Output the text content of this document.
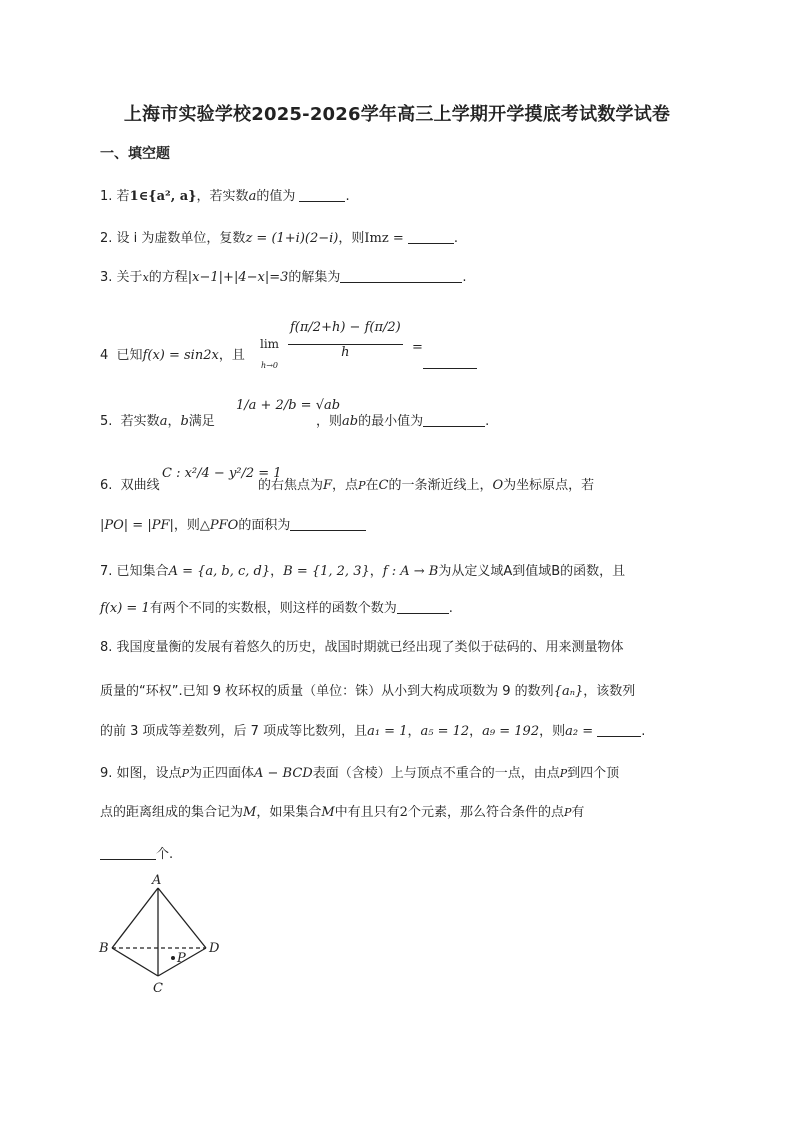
上海市实验学校2025-2026学年高三上学期开学摸底考试数学试卷
一、填空题
1. 若1∈{a², a}，若实数a的值为	.
2. 设 i 为虚数单位，复数z = (1+i)(2−i)，则Imz =	.
3. 关于x的方程|x−1|+|4−x|=3的解集为	.
4 已知f(x) = sin2x，且
lim
h→0
$\frac{f(\pi/2+h) - f(\pi/2)}{h}$ =
5. 若实数a，b满足
1/a + 2/b = √ab
，则ab的最小值为	.
6. 双曲线
C : x²/4 − y²/2 = 1
的右焦点为F，点P在C的一条渐近线上，O为坐标原点，若
|PO| = |PF|，则△PFO的面积为
7. 已知集合A = {a, b, c, d}，B = {1, 2, 3}，f : A → B为从定义域A到值域B的函数，且
f(x) = 1有两个不同的实数根，则这样的函数个数为	.
8. 我国度量衡的发展有着悠久的历史，战国时期就已经出现了类似于砝码的、用来测量物体
质量的“环权”.已知 9 枚环权的质量（单位：铢）从小到大构成项数为 9 的数列{aₙ}，该数列
的前 3 项成等差数列，后 7 项成等比数列，且a₁ = 1，a₅ = 12，a₉ = 192，则a₂ =	.
9. 如图，设点P为正四面体A − BCD表面（含棱）上与顶点不重合的一点，由点P到四个顶
点的距离组成的集合记为M，如果集合M中有且只有2个元素，那么符合条件的点P有
个.
A
B	D
C
P
